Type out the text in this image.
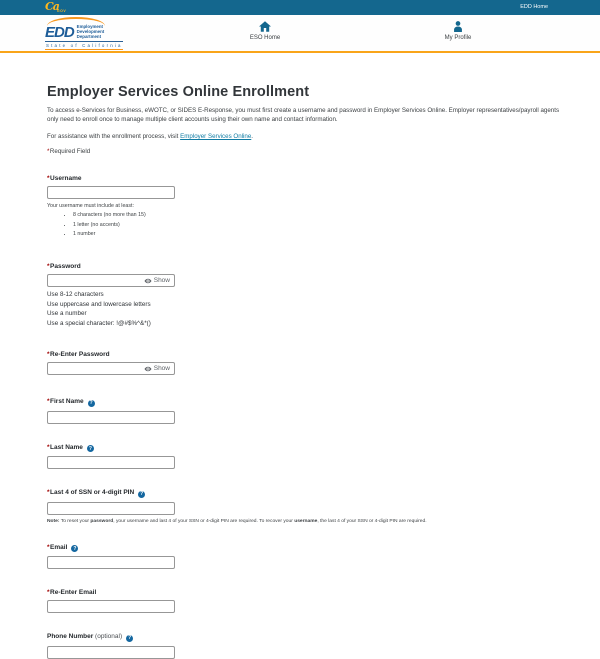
CaGOV
EDD Home
EDD Employment
Development
Department
State of California
ESO Home	My Profile
Employer Services Online Enrollment

To access e-Services for Business, eWOTC, or SIDES E-Response, you must first create a username and password in Employer Services Online. Employer representatives/payroll agents only need to enroll once to manage multiple client accounts using their own name and contact information.

For assistance with the enrollment process, visit Employer Services Online.

*Required Field

*Username
Your username must include at least:
• 8 characters (no more than 15)
• 1 letter (no accents)
• 1 number
*Password
Show
Use 8-12 characters
Use uppercase and lowercase letters
Use a number
Use a special character: !@#$%^&*()
*Re-Enter Password
Show
*First Name ?
*Last Name ?
*Last 4 of SSN or 4-digit PIN ?
Note: To reset your password, your username and last 4 of your SSN or 4-digit PIN are required. To recover your username, the last 4 of your SSN or 4-digit PIN are required.
*Email ?
*Re-Enter Email
Phone Number (optional) ?
